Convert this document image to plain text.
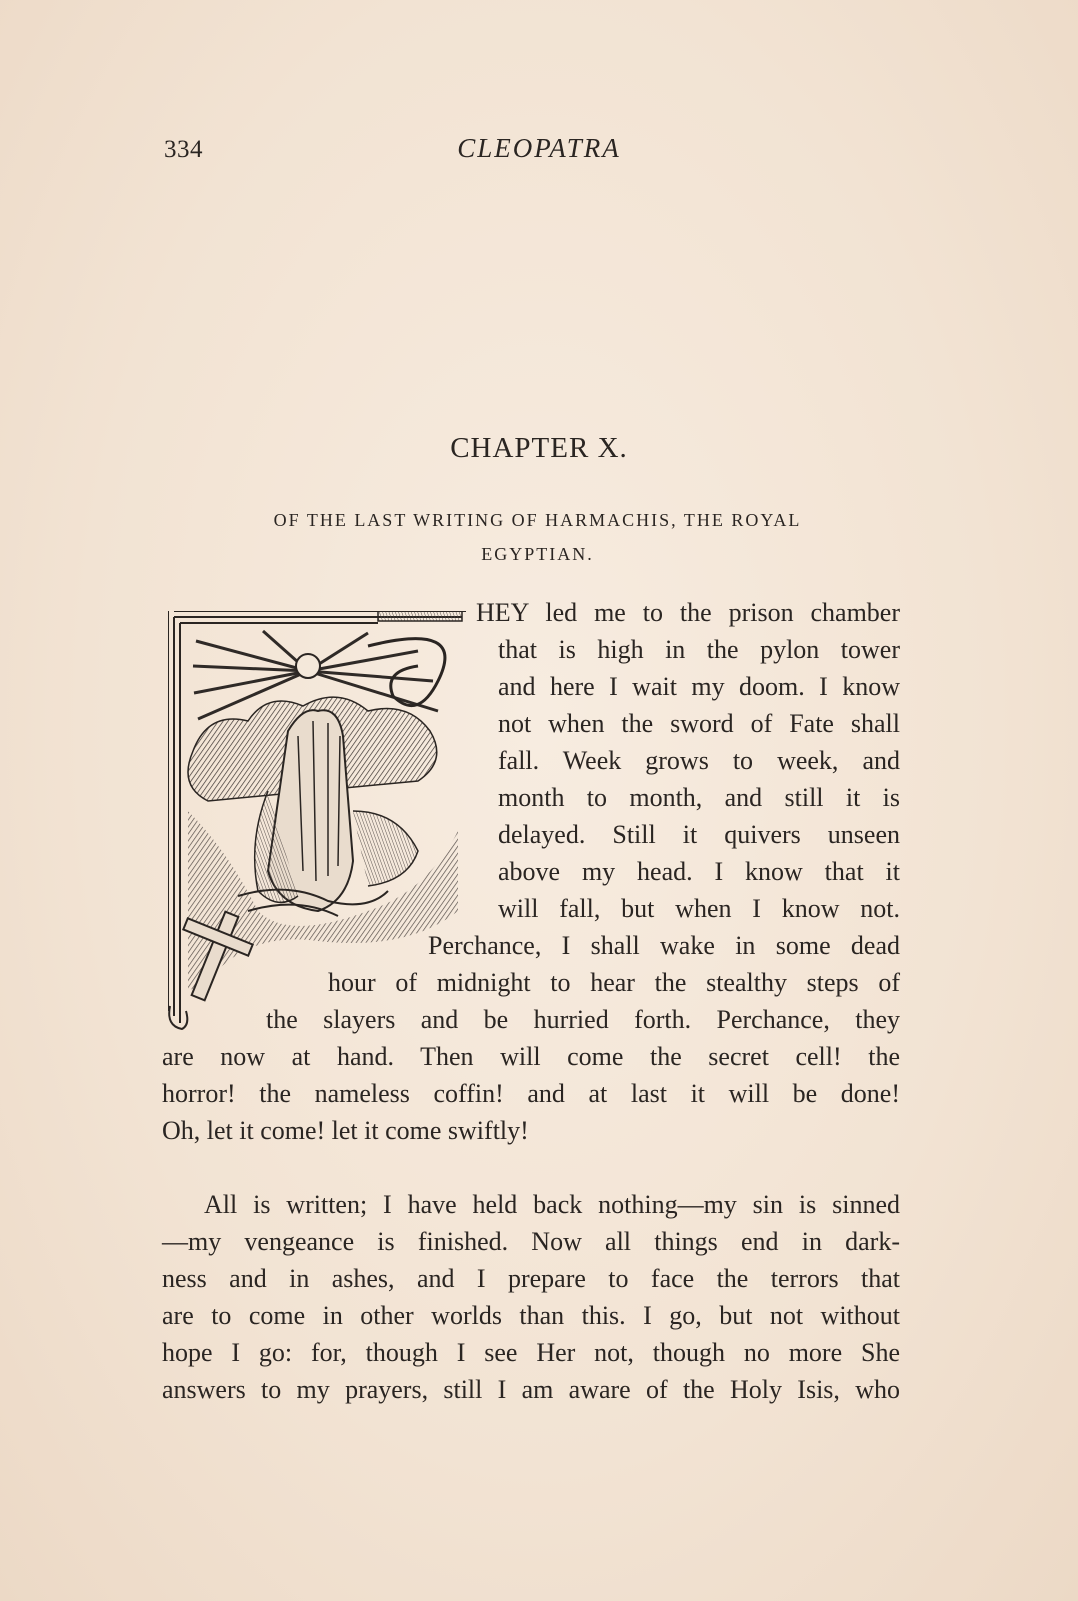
334	CLEOPATRA
CHAPTER X.
OF THE LAST WRITING OF HARMACHIS, THE ROYAL EGYPTIAN.
HEY led me to the prison chamber
that is high in the pylon tower
and here I wait my doom. I know
not when the sword of Fate shall
fall. Week grows to week, and
month to month, and still it is
delayed. Still it quivers unseen
above my head. I know that it
will fall, but when I know not.
Perchance, I shall wake in some dead
hour of midnight to hear the stealthy steps of
the slayers and be hurried forth. Perchance, they
are now at hand. Then will come the secret cell! the
horror! the nameless coffin! and at last it will be done!
Oh, let it come! let it come swiftly!
All is written; I have held back nothing—my sin is sinned
—my vengeance is finished. Now all things end in dark-
ness and in ashes, and I prepare to face the terrors that
are to come in other worlds than this. I go, but not without
hope I go: for, though I see Her not, though no more She
answers to my prayers, still I am aware of the Holy Isis, who
